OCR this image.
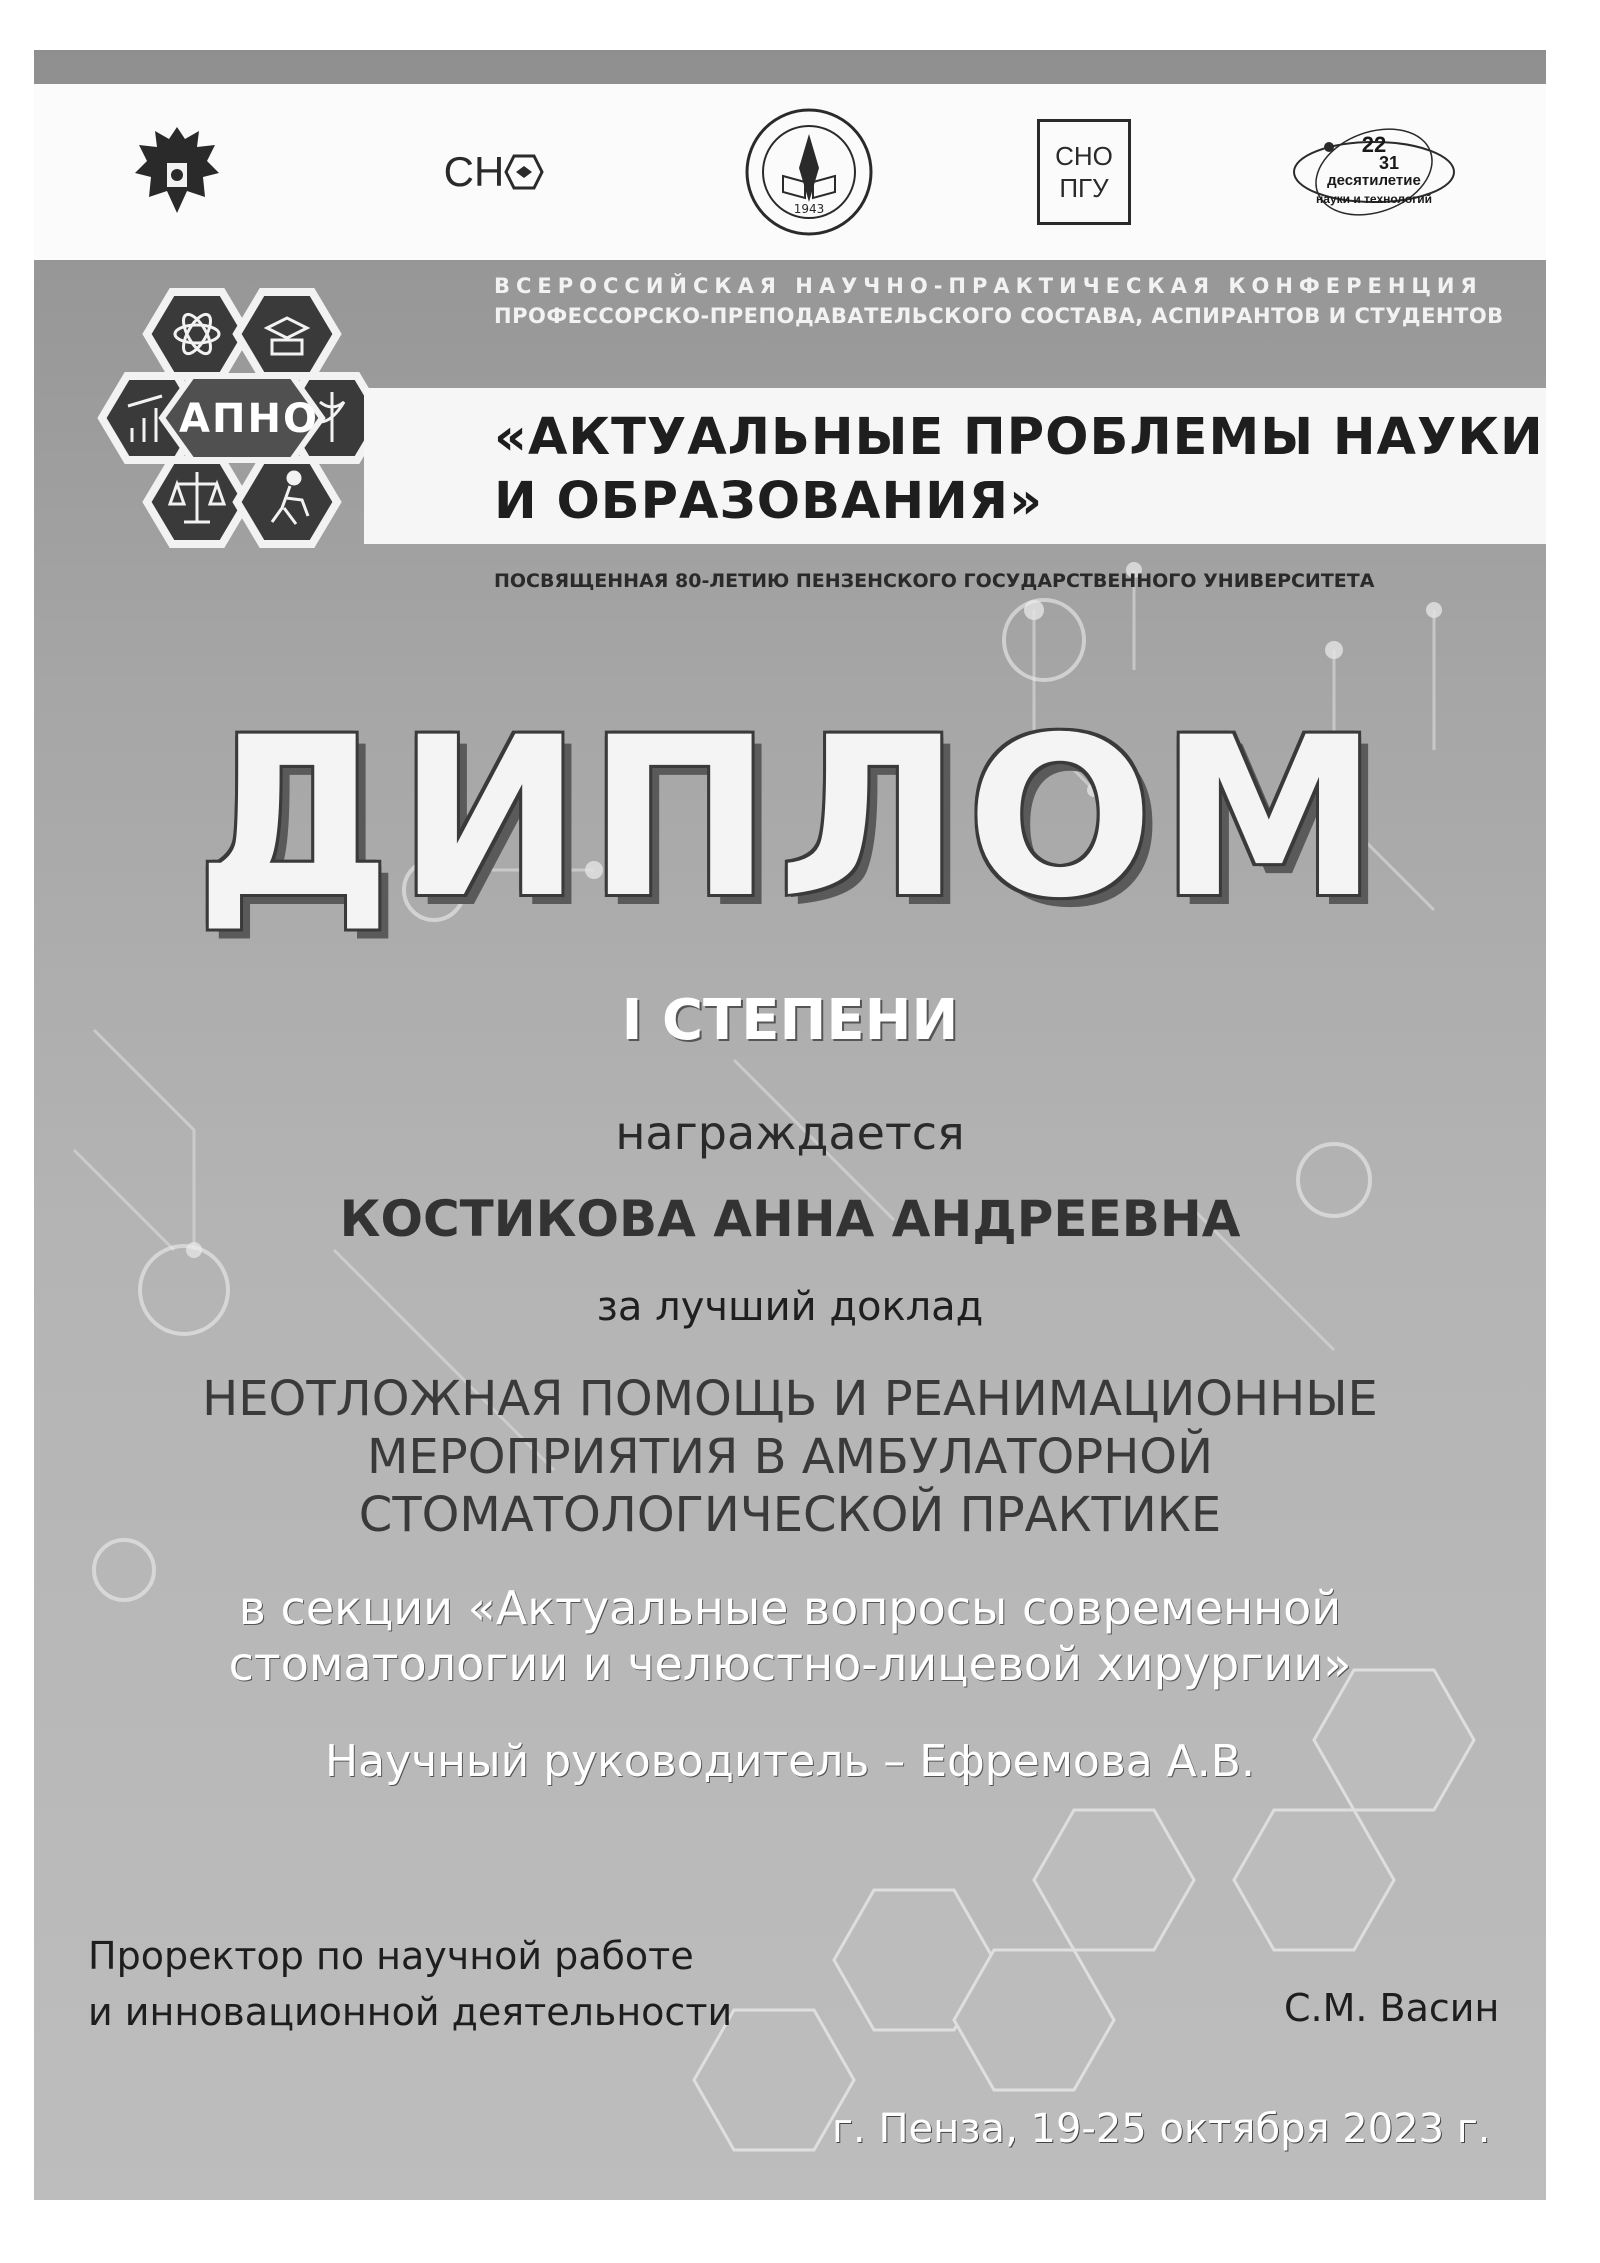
СН
1943
СНО
ПГУ
22
31
десятилетие
науки и технологий
АПНО
ВСЕРОССИЙСКАЯ НАУЧНО-ПРАКТИЧЕСКАЯ КОНФЕРЕНЦИЯ
ПРОФЕССОРСКО-ПРЕПОДАВАТЕЛЬСКОГО СОСТАВА, АСПИРАНТОВ И СТУДЕНТОВ
«АКТУАЛЬНЫЕ ПРОБЛЕМЫ НАУКИ
И ОБРАЗОВАНИЯ»
ПОСВЯЩЕННАЯ 80-ЛЕТИЮ ПЕНЗЕНСКОГО ГОСУДАРСТВЕННОГО УНИВЕРСИТЕТА
ДИПЛОМ
I СТЕПЕНИ
награждается
КОСТИКОВА АННА АНДРЕЕВНА
за лучший доклад
НЕОТЛОЖНАЯ ПОМОЩЬ И РЕАНИМАЦИОННЫЕ
МЕРОПРИЯТИЯ В АМБУЛАТОРНОЙ
СТОМАТОЛОГИЧЕСКОЙ ПРАКТИКЕ
в секции «Актуальные вопросы современной
стоматологии и челюстно-лицевой хирургии»
Научный руководитель – Ефремова А.В.
Проректор по научной работе
и инновационной деятельности	С.М. Васин
г. Пенза, 19-25 октября 2023 г.
